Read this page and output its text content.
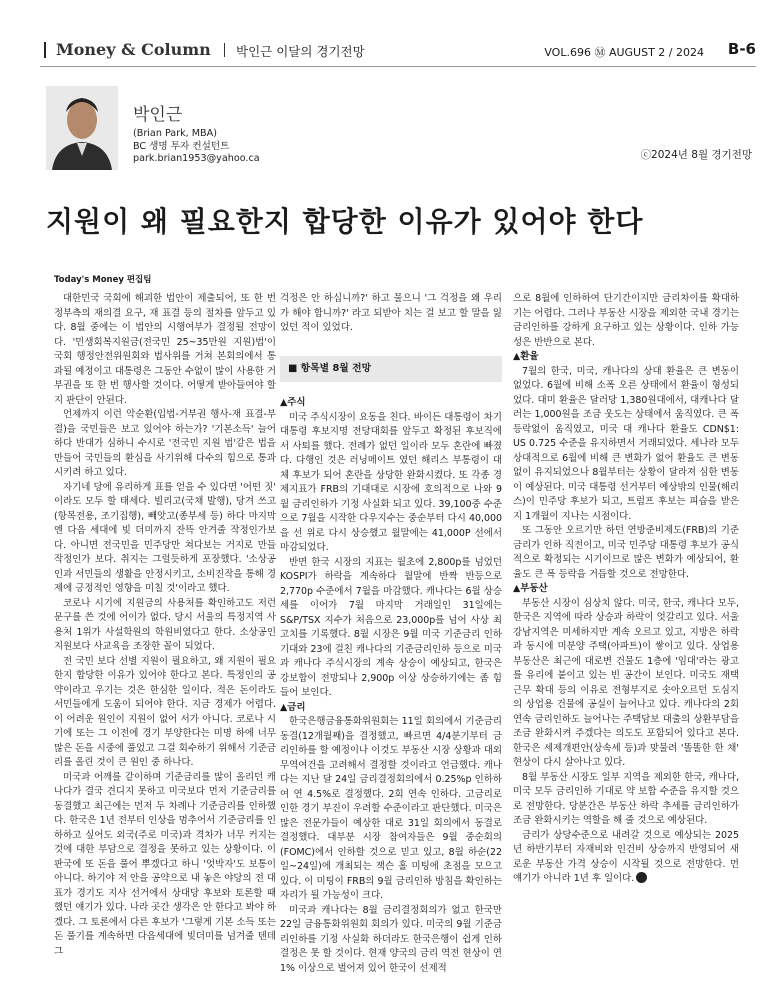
Money & Column 박인근 이달의 경기전망	VOL.696 Ⓜ AUGUST 2 / 2024 B-6
박인근
(Brian Park, MBA)
BC 생명 투자 컨설턴트
park.brian1953@yahoo.ca	ⓒ2024년 8월 경기전망
지원이 왜 필요한지 합당한 이유가 있어야 한다
Today's Money 편집팀

대한민국 국회에 해괴한 법안이 제출되어, 또 한 번 정부측의 재의결 요구, 재 표결 등의 절차를 앞두고 있다. 8월 중에는 이 법안의 시행여부가 결정될 전망이다. '민생회복지원금(전국민 25~35만원 지원)법'이 국회 행정안전위원회와 법사위를 거쳐 본회의에서 통과될 예정이고 대통령은 그동안 수없이 많이 사용한 거부권을 또 한 번 행사할 것이다. 어떻게 받아들여야 할 지 판단이 안된다.

언제까지 이런 악순환(입법-거부권 행사-재 표결-부결)을 국민들은 보고 있어야 하는가? '기본소득' 늘어하다 반대가 심하니 수시로 '전국민 지원 법'같은 법을 만들어 국민들의 환심을 사기위해 다수의 힘으로 통과시키려 하고 있다.

자기네 당에 유리하게 표를 얻을 수 있다면 '어떤 짓' 이라도 모두 할 태세다. 빌리고(국채 발행), 당겨 쓰고(항목전용, 조기집행), 빼앗고(종부세 등) 하다 마지막엔 다음 세대에 빚 더미까지 잔뜩 안겨줄 작정인가보다. 아니면 전국민을 민주당만 쳐다보는 거지로 만들 작정인가 보다. 취지는 그럴듯하게 포장했다. '소상공인과 서민들의 생활을 안정시키고, 소비진작을 통해 경제에 긍정적인 영향을 미칠 것'이라고 했다.

코로나 시기에 지원금의 사용처를 확인하고도 저런 문구를 쓴 것에 어이가 없다. 당시 서울의 특정지역 사용처 1위가 사설학원의 학원비였다고 한다. 소상공인 지원보다 사교육을 조장한 꼴이 되었다.

전 국민 보다 선별 지원이 필요하고, 왜 지원이 필요한지 합당한 이유가 있어야 한다고 본다. 특정인의 공약이라고 우기는 것은 한심한 일이다. 적은 돈이라도 서민들에게 도움이 되어야 한다. 지금 경제가 어렵다. 이 어려운 원인이 지원이 없어 서가 아니다. 코로나 시기에 또는 그 이전에 경기 부양한다는 미명 하에 너무 많은 돈을 시중에 풀었고 그걸 회수하기 위해서 기준금리를 올린 것이 큰 원인 중 하나다.

미국과 어깨를 같이하며 기준금리를 많이 올리던 캐나다가 결국 견디지 못하고 미국보다 먼저 기준금리를 동결했고 최근에는 먼저 두 차례나 기준금리를 인하했다. 한국은 1년 전부터 인상을 멈추어서 기준금리를 인하하고 싶어도 외국(주로 미국)과 격차가 너무 커지는 것에 대한 부담으로 결정을 못하고 있는 상황이다. 이 판국에 또 돈을 풀어 뿌겠다고 하니 '엇박자'도 보통이 아니다. 하기야 저 안을 공약으로 내 놓은 야당의 전 대표가 경기도 지사 선거에서 상대당 후보와 토론할 때 했던 얘기가 있다. 나라 곳간 생각은 안 한다고 봐야 하겠다. 그 토론에서 다른 후보가 '그렇게 기본 소득 또는 돈 풀기를 계속하면 다음세대에 빚더미를 넘겨줄 텐데 그

걱정은 안 하십니까?' 하고 물으니 '그 걱정을 왜 우리가 해야 합니까?' 라고 되받아 치는 걸 보고 할 말을 잃었던 적이 있었다.

■ 항목별 8월 전망

▲주식

미국 주식시장이 요동을 친다. 바이든 대통령이 차기 대통령 후보지명 전당대회를 앞두고 확정된 후보직에서 사퇴를 했다. 전례가 없던 일이라 모두 혼란에 빠졌다. 다행인 것은 러닝메이트 였던 해리스 부통령이 대체 후보가 되어 혼란을 상당한 완화시켰다. 또 각종 경제지표가 FRB의 기대대로 시장에 호의적으로 나와 9월 금리인하가 기정 사실화 되고 있다. 39,100중 수준으로 7월을 시작한 다우지수는 중순부터 다시 40,000을 선 위로 다시 상승했고 월말에는 41,000P 선에서 마감되었다.

반면 한국 시장의 지표는 월초에 2,800p를 넘었던 KOSPI가 하락을 계속하다 월말에 반짝 반등으로 2,770p 수준에서 7월을 마감했다. 캐나다는 6월 상승세를 이어가 7월 마지막 거래일인 31일에는 S&P/TSX 지수가 처음으로 23,000p를 넘어 사상 최고치를 기록했다. 8월 시장은 9월 미국 기준금리 인하기대와 23에 걸친 캐나다의 기준금리인하 등으로 미국과 캐나다 주식시장의 계속 상승이 예상되고, 한국은 강보합이 전망되나 2,900p 이상 상승하기에는 좀 힘들어 보인다.

▲금리

한국은행금융통화위원회는 11일 회의에서 기준금리 동결(12개월째)을 결정했고, 빠르면 4/4분기부터 금리인하를 할 예정이나 이것도 부동산 시장 상황과 대외 무역여건을 고려해서 결정할 것이라고 언급했다. 캐나다는 지난 달 24일 금리결정회의에서 0.25%p 인하하여 연 4.5%로 결정했다. 2회 연속 인하다. 고금리로 인한 경기 부진이 우려할 수준이라고 판단했다. 미국은 많은 전문가들이 예상한 대로 31일 회의에서 동결로 결정했다. 대부분 시장 참여자들은 9월 중순회의(FOMC)에서 인하할 것으로 믿고 있고, 8월 하순(22일~24일)에 개최되는 잭슨 홀 미팅에 초점을 모으고 있다. 이 미팅이 FRB의 9월 금리인하 방침을 확인하는 자리가 될 가능성이 크다.

미국과 캐나다는 8월 금리결정회의가 없고 한국만 22일 금융통화위원회 회의가 있다. 미국의 9월 기준금리인하를 기정 사실화 하더라도 한국은행이 쉽게 인하 결정은 못 할 것이다. 현재 양국의 금리 역전 현상이 연 1% 이상으로 벌어져 있어 한국이 선제적

으로 8월에 인하하여 단기간이지만 금리차이를 확대하기는 어렵다. 그러나 부동산 시장을 제외한 국내 경기는 금리인하를 강하게 요구하고 있는 상황이다. 인하 가능성은 반반으로 본다.

▲환율

7월의 한국, 미국, 캐나다의 상대 환율은 큰 변동이 없었다. 6월에 비해 소폭 오른 상태에서 환율이 형성되었다. 대미 환율은 달러당 1,380원대에서, 대캐나다 달러는 1,000원을 조금 웃도는 상태에서 움직였다. 큰 폭 등락없이 움직였고, 미국 대 캐나다 환율도 CDN$1: US 0.725 수준을 유지하면서 거래되었다. 세나라 모두 상대적으로 6월에 비해 큰 변화가 없어 환율도 큰 변동 없이 유지되었으나 8월부터는 상황이 달라져 심한 변동이 예상된다. 미국 대통령 선거부터 예상밖의 인물(해리스)이 민주당 후보가 되고, 트럼프 후보는 피습을 받은 지 1개월이 지나는 시점이다.

또 그동안 오르기만 하던 연방준비제도(FRB)의 기준금리가 인하 직전이고, 미국 민주당 대통령 후보가 공식적으로 확정되는 시기이므로 많은 변화가 예상되어, 환율도 큰 폭 등락을 거듭할 것으로 전망한다.

▲부동산

부동산 시장이 심상치 않다. 미국, 한국, 캐나다 모두, 한국은 지역에 따라 상승과 하락이 엇갈리고 있다. 서울 강남지역은 미세하지만 계속 오르고 있고, 지방은 하락과 동시에 미분양 주택(아파트)이 쌓이고 있다. 상업용 부동산은 최근에 대로변 건물도 1층에 '임대'라는 광고를 유리에 붙이고 있는 빈 공간이 보인다. 미국도 재택근무 확대 등의 이유로 전형부지로 솟아오르던 도심지의 상업용 건물에 공실이 늘어나고 있다. 캐나다의 2회연속 금리인하도 늘어나는 주택담보 대출의 상환부담을 조금 완화시켜 주겠다는 의도도 포함되어 있다고 본다. 한국은 세제개편안(상속세 등)과 맞물려 '똘똘한 한 채' 현상이 다시 살아나고 있다.

8월 부동산 시장도 일부 지역을 제외한 한국, 캐나다, 미국 모두 금리인하 기대로 약 보합 수준을 유지할 것으로 전망한다. 당분간은 부동산 하락 추세를 금리인하가 조금 완화시키는 역할을 해 줄 것으로 예상된다.

금리가 상당수준으로 내려갈 것으로 예상되는 2025년 하반기부터 자재비와 인건비 상승까지 반영되어 새로운 부동산 가격 상승이 시작될 것으로 전망한다. 먼 얘기가 아니라 1년 후 일이다.
